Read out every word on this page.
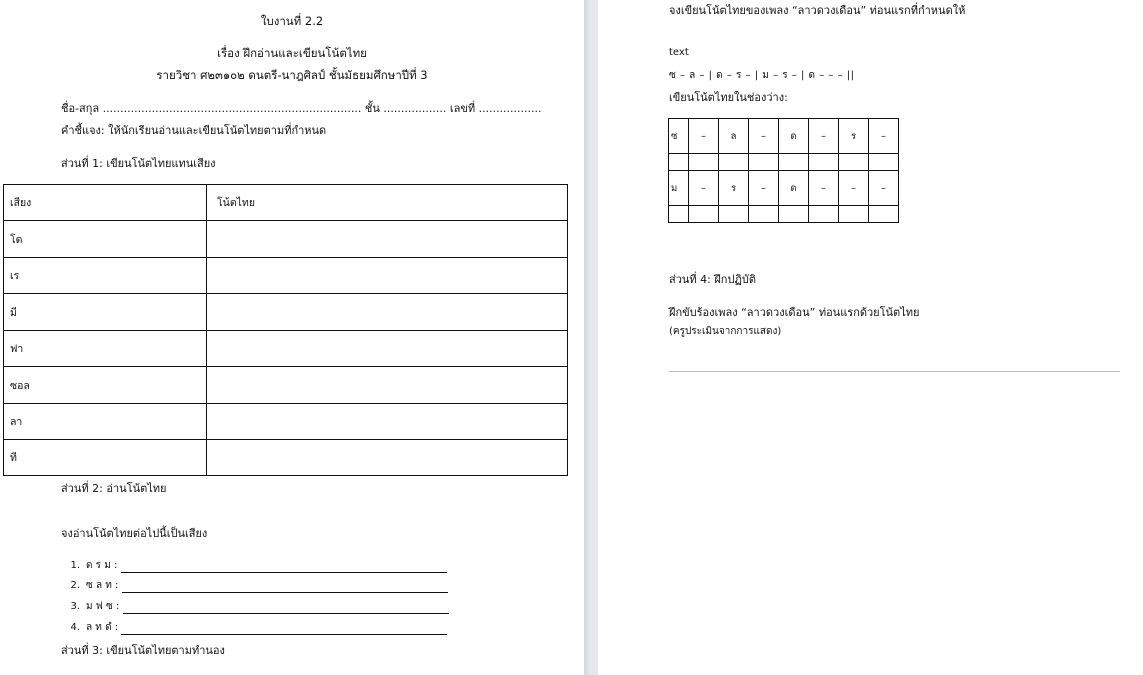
ใบงานที่ 2.2
เรื่อง ฝึกอ่านและเขียนโน้ตไทย
รายวิชา ศ๒๓๑๐๒ ดนตรี-นาฎศิลป์ ชั้นมัธยมศึกษาปีที่ 3
ชื่อ-สกุล .......................................................................... ชั้น .................. เลขที่ ..................
คำชี้แจง: ให้นักเรียนอ่านและเขียนโน้ตไทยตามที่กำหนด
ส่วนที่ 1: เขียนโน้ตไทยแทนเสียง
เสียง	โน้ตไทย
โด	
เร	
มี	
ฟา	
ซอล	
ลา	
ที	
ส่วนที่ 2: อ่านโน้ตไทย
จงอ่านโน้ตไทยต่อไปนี้เป็นเสียง
1. ด ร ม :
2. ซ ล ท :
3. ม ฟ ซ :
4. ล ท ดํ :
ส่วนที่ 3: เขียนโน้ตไทยตามทำนอง
จงเขียนโน้ตไทยของเพลง “ลาวดวงเดือน” ท่อนแรกที่กำหนดให้
text
ซ – ล – | ด – ร – | ม – ร – | ด – – – ||
เขียนโน้ตไทยในช่องว่าง:
ซ	–	ล	–	ด	–	ร	–

ม	–	ร	–	ด	–	–	–

ส่วนที่ 4: ฝึกปฏิบัติ
ฝึกขับร้องเพลง “ลาวดวงเดือน” ท่อนแรกด้วยโน้ตไทย
(ครูประเมินจากการแสดง)
